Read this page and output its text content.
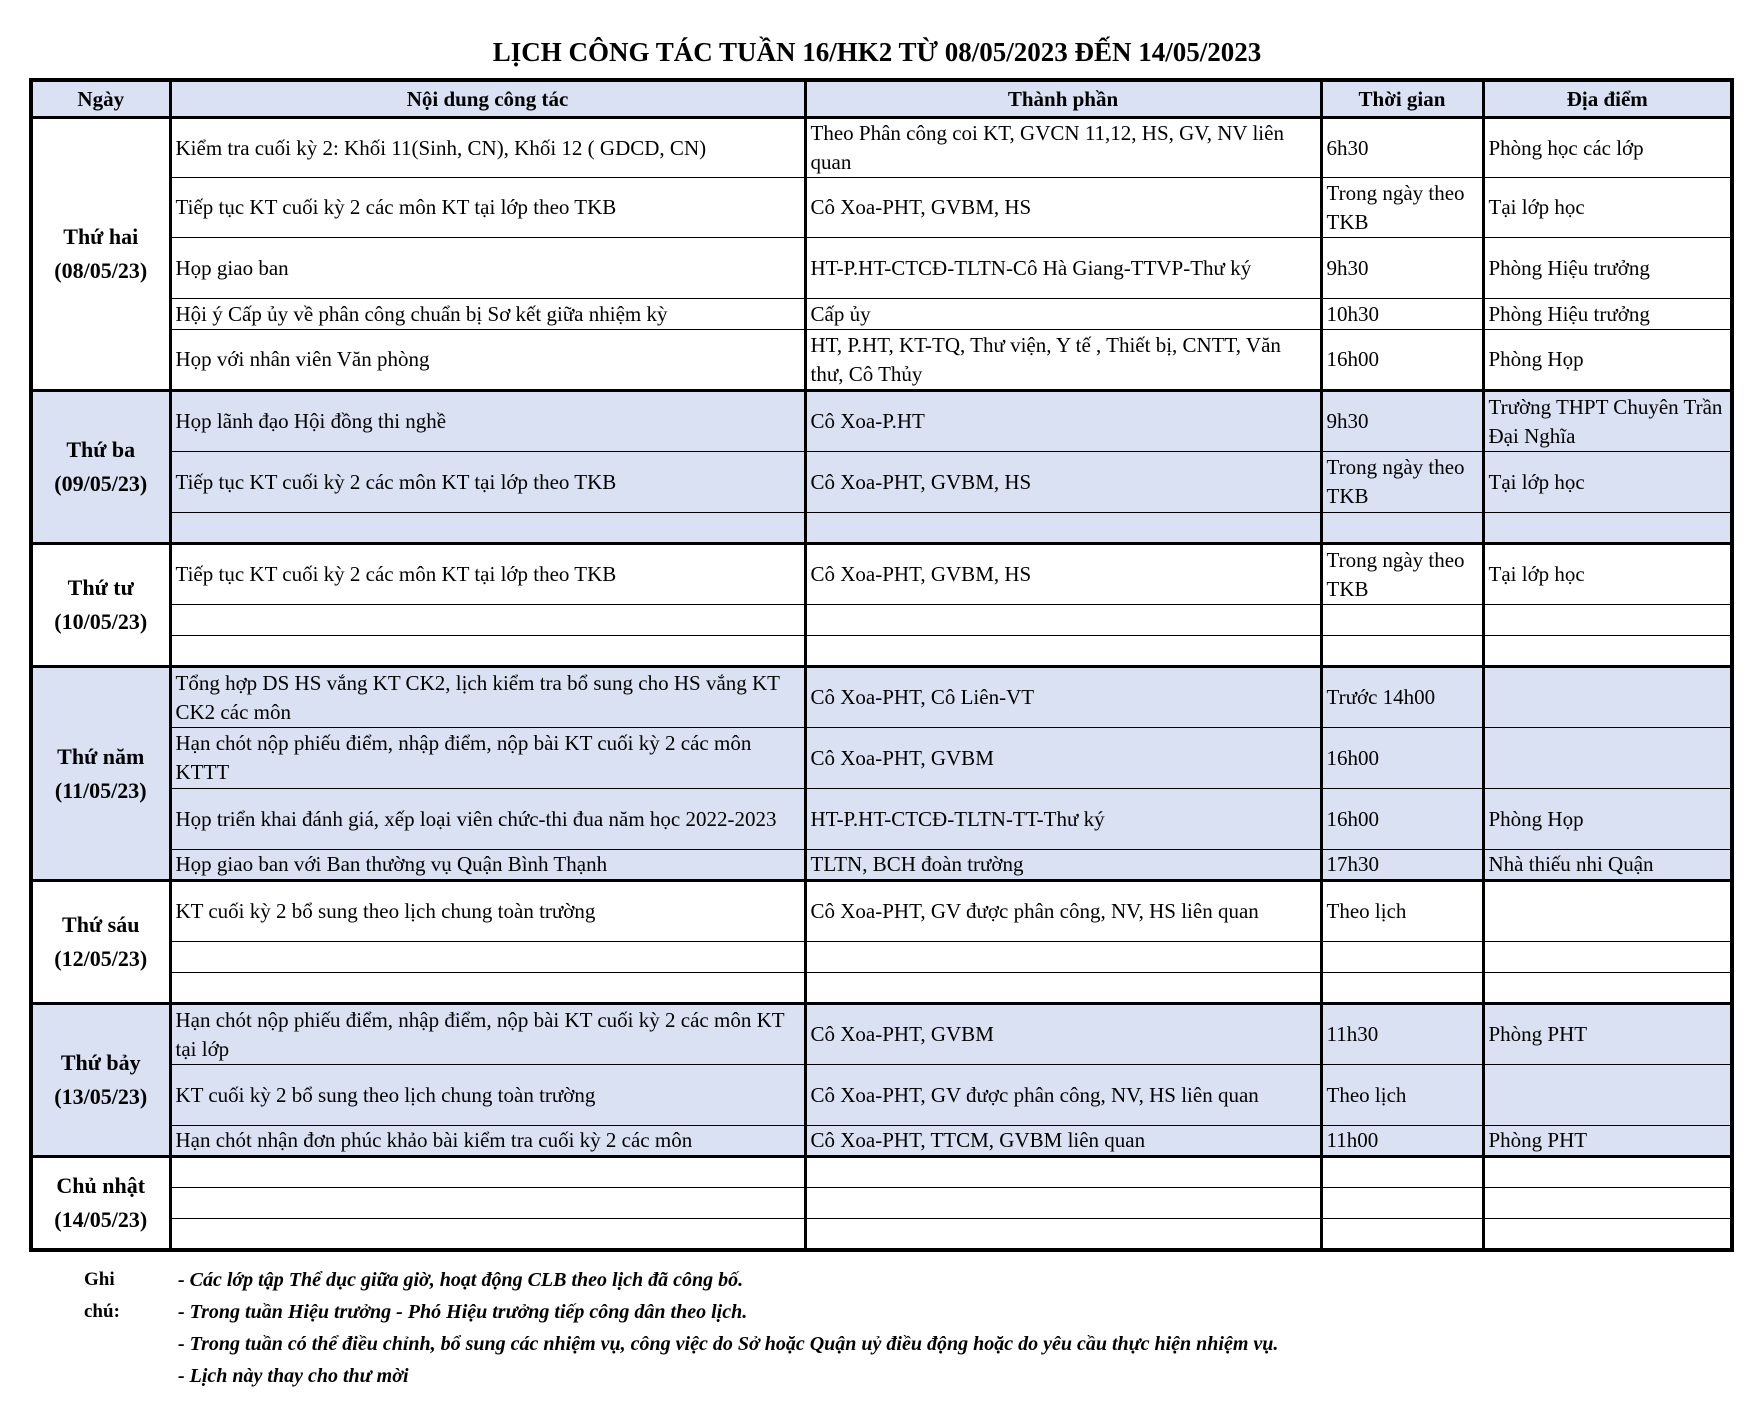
LỊCH CÔNG TÁC TUẦN 16/HK2 TỪ 08/05/2023 ĐẾN 14/05/2023
Ngày	Nội dung công tác	Thành phần	Thời gian	Địa điểm

Thứ hai
(08/05/23)	Kiểm tra cuối kỳ 2: Khối 11(Sinh, CN), Khối 12 ( GDCD, CN)	Theo Phân công coi KT, GVCN 11,12, HS, GV, NV liên quan	6h30	Phòng học các lớp
	Tiếp tục KT cuối kỳ 2 các môn KT tại lớp theo TKB	Cô Xoa-PHT, GVBM, HS	Trong ngày theo TKB	Tại lớp học
	Họp giao ban	HT-P.HT-CTCĐ-TLTN-Cô Hà Giang-TTVP-Thư ký	9h30	Phòng Hiệu trưởng
	Hội ý Cấp ủy về phân công chuẩn bị Sơ kết giữa nhiệm kỳ	Cấp ủy	10h30	Phòng Hiệu trưởng
	Họp với nhân viên Văn phòng	HT, P.HT, KT-TQ, Thư viện, Y tế , Thiết bị, CNTT, Văn thư, Cô Thủy	16h00	Phòng Họp

Thứ ba
(09/05/23)	Họp lãnh đạo Hội đồng thi nghề	Cô Xoa-P.HT	9h30	Trường THPT Chuyên Trần Đại Nghĩa
	Tiếp tục KT cuối kỳ 2 các môn KT tại lớp theo TKB	Cô Xoa-PHT, GVBM, HS	Trong ngày theo TKB	Tại lớp học

Thứ tư
(10/05/23)	Tiếp tục KT cuối kỳ 2 các môn KT tại lớp theo TKB	Cô Xoa-PHT, GVBM, HS	Trong ngày theo TKB	Tại lớp học

Thứ năm
(11/05/23)	Tổng hợp DS HS vắng KT CK2, lịch kiểm tra bổ sung cho HS vắng KT CK2 các môn	Cô Xoa-PHT, Cô Liên-VT	Trước 14h00	
	Hạn chót nộp phiếu điểm, nhập điểm, nộp bài KT cuối kỳ 2 các môn KTTT	Cô Xoa-PHT, GVBM	16h00	
	Họp triển khai đánh giá, xếp loại viên chức-thi đua năm học 2022-2023	HT-P.HT-CTCĐ-TLTN-TT-Thư ký	16h00	Phòng Họp
	Họp giao ban với Ban thường vụ Quận Bình Thạnh	TLTN, BCH đoàn trường	17h30	Nhà thiếu nhi Quận

Thứ sáu
(12/05/23)	KT cuối kỳ 2 bổ sung theo lịch chung toàn trường	Cô Xoa-PHT, GV được phân công, NV, HS liên quan	Theo lịch	

Thứ bảy
(13/05/23)	Hạn chót nộp phiếu điểm, nhập điểm, nộp bài KT cuối kỳ 2 các môn KT tại lớp	Cô Xoa-PHT, GVBM	11h30	Phòng PHT
	KT cuối kỳ 2 bổ sung theo lịch chung toàn trường	Cô Xoa-PHT, GV được phân công, NV, HS liên quan	Theo lịch	
	Hạn chót nhận đơn phúc khảo bài kiểm tra cuối kỳ 2 các môn	Cô Xoa-PHT, TTCM, GVBM liên quan	11h00	Phòng PHT

Chủ nhật
(14/05/23)				

Ghi chú:
- Các lớp tập Thể dục giữa giờ, hoạt động CLB theo lịch đã công bố.
- Trong tuần Hiệu trưởng - Phó Hiệu trưởng tiếp công dân theo lịch.
- Trong tuần có thể điều chỉnh, bổ sung các nhiệm vụ, công việc do Sở hoặc Quận uỷ điều động hoặc do yêu cầu thực hiện nhiệm vụ.
- Lịch này thay cho thư mời
